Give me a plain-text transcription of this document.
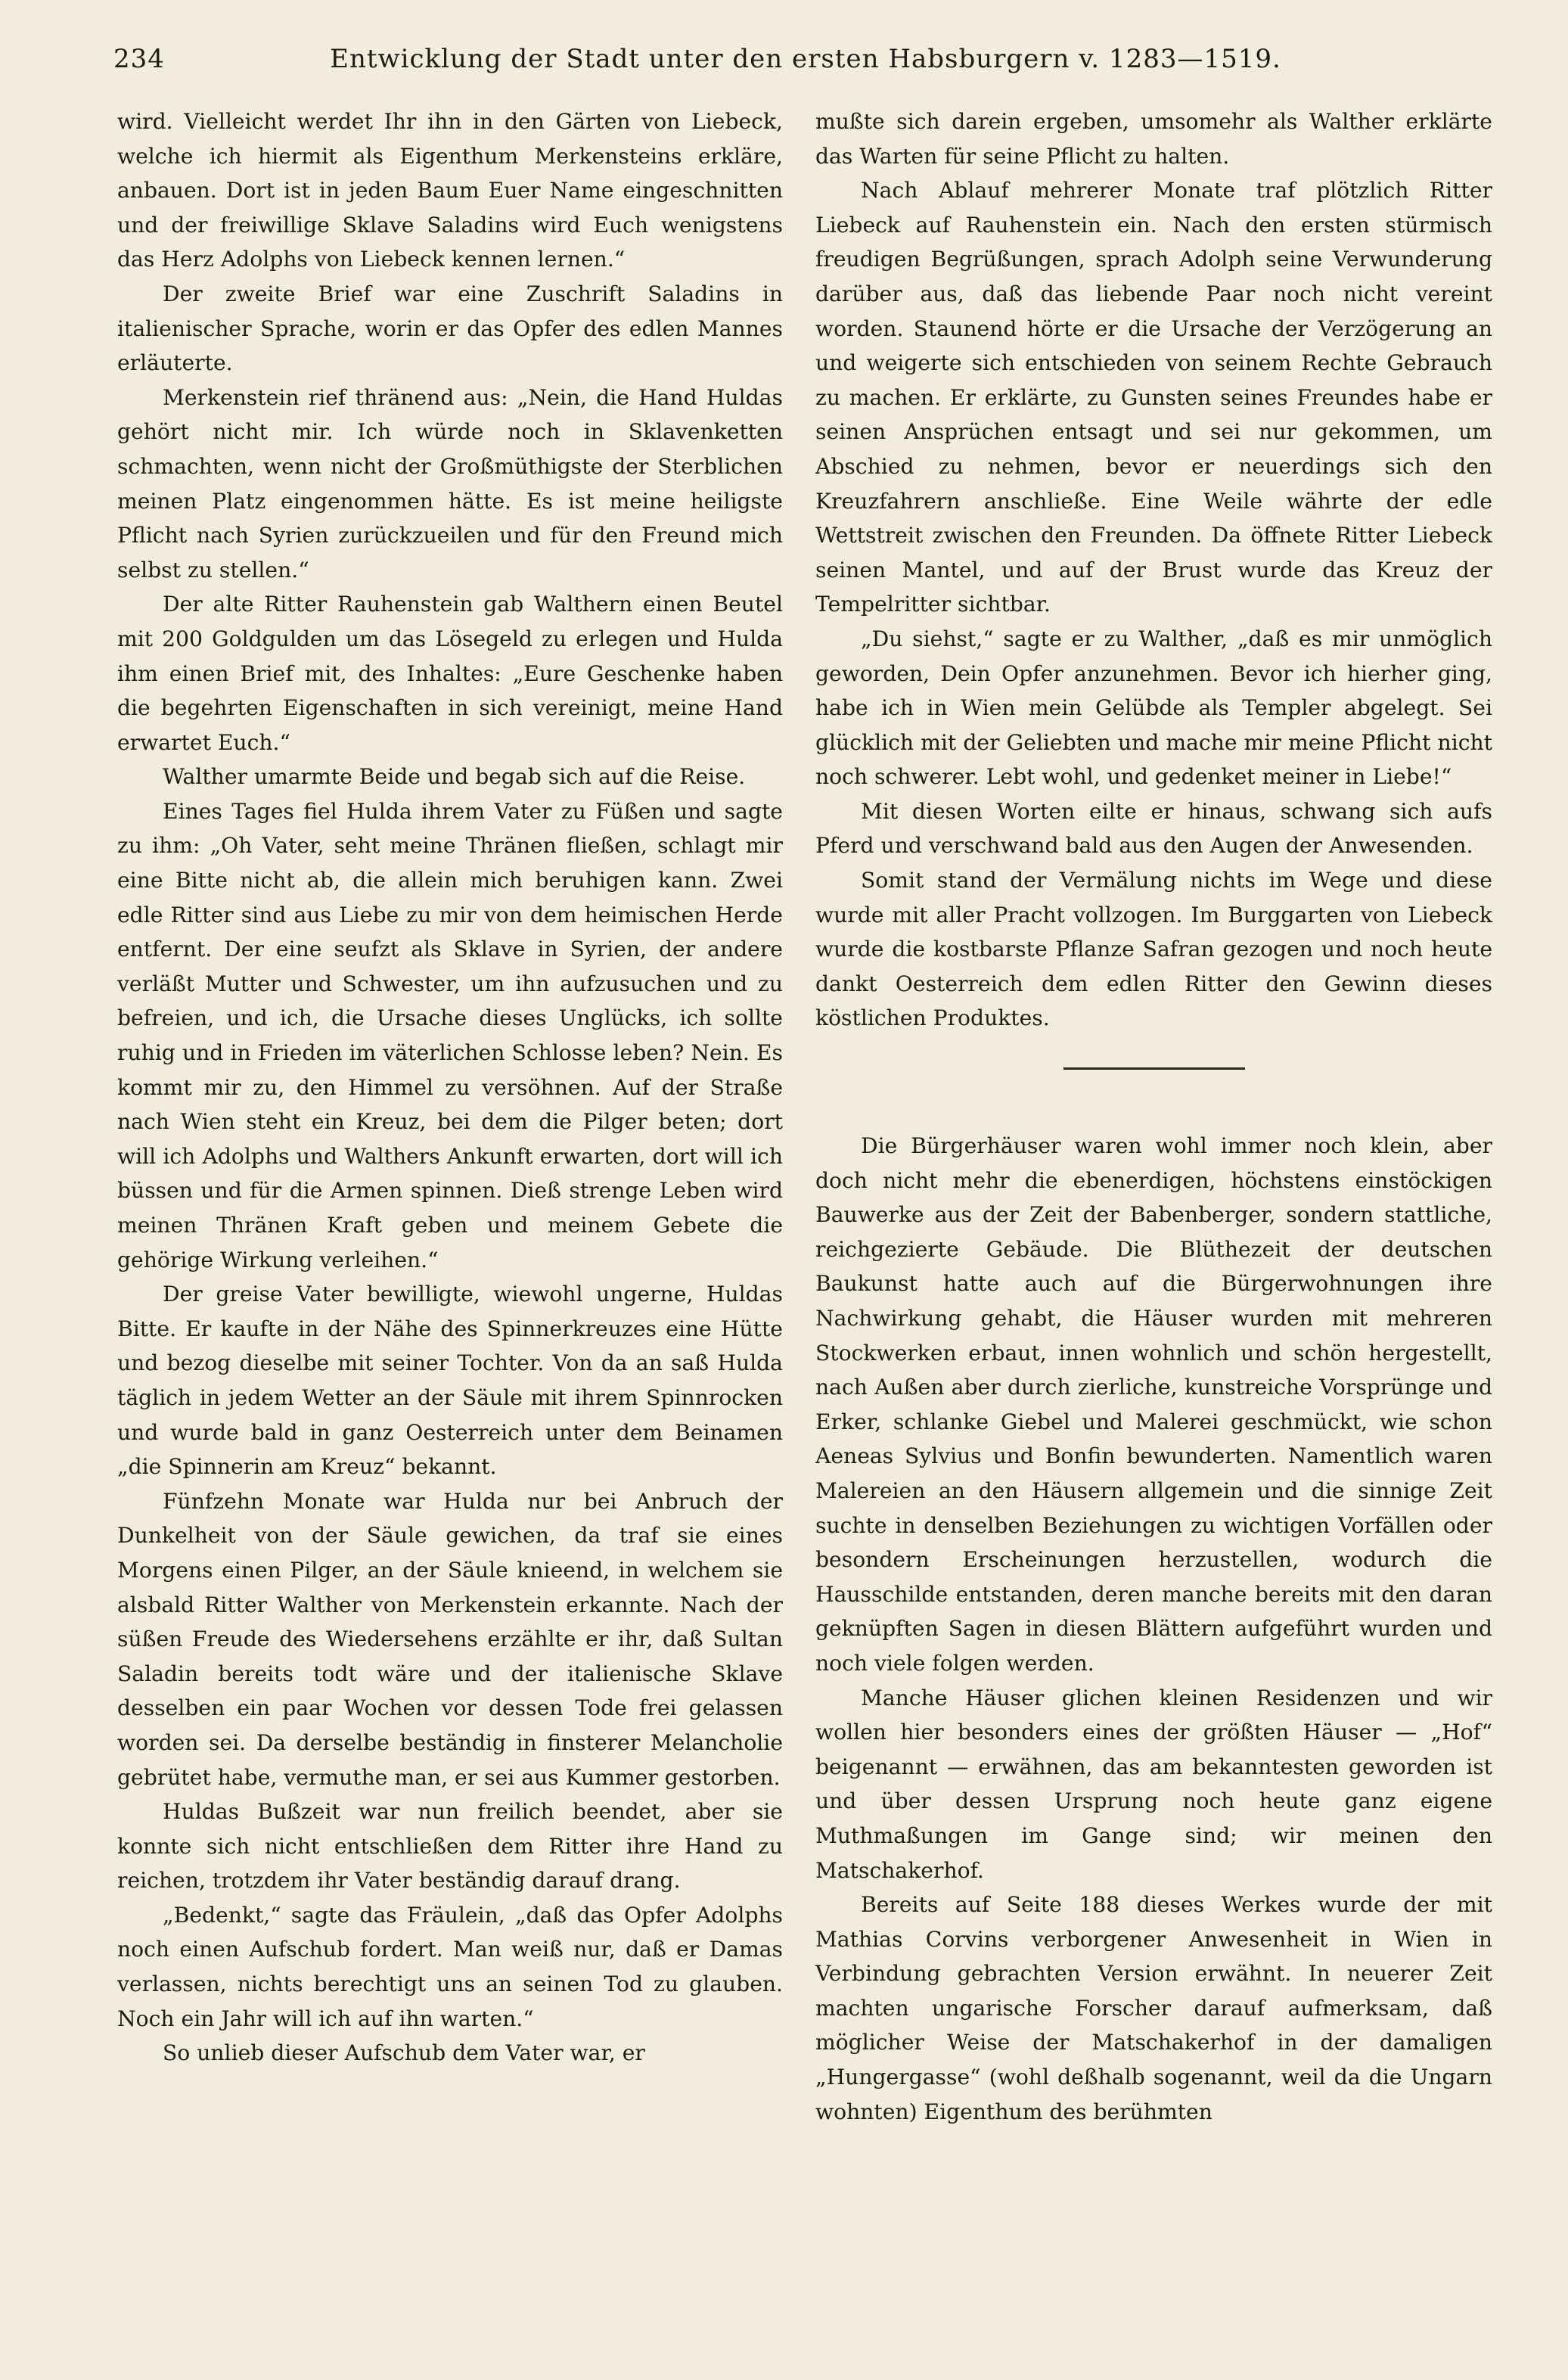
234	Entwicklung der Stadt unter den ersten Habsburgern v. 1283—1519.

wird. Vielleicht werdet Ihr ihn in den Gärten von Liebeck, welche ich hiermit als Eigenthum Merkensteins erkläre, anbauen. Dort ist in jeden Baum Euer Name eingeschnitten und der freiwillige Sklave Saladins wird Euch wenigstens das Herz Adolphs von Liebeck kennen lernen.“

Der zweite Brief war eine Zuschrift Saladins in italienischer Sprache, worin er das Opfer des edlen Mannes erläuterte.

Merkenstein rief thränend aus: „Nein, die Hand Huldas gehört nicht mir. Ich würde noch in Sklavenketten schmachten, wenn nicht der Großmüthigste der Sterblichen meinen Platz eingenommen hätte. Es ist meine heiligste Pflicht nach Syrien zurückzueilen und für den Freund mich selbst zu stellen.“

Der alte Ritter Rauhenstein gab Walthern einen Beutel mit 200 Goldgulden um das Lösegeld zu erlegen und Hulda ihm einen Brief mit, des Inhaltes: „Eure Geschenke haben die begehrten Eigenschaften in sich vereinigt, meine Hand erwartet Euch.“

Walther umarmte Beide und begab sich auf die Reise.

Eines Tages fiel Hulda ihrem Vater zu Füßen und sagte zu ihm: „Oh Vater, seht meine Thränen fließen, schlagt mir eine Bitte nicht ab, die allein mich beruhigen kann. Zwei edle Ritter sind aus Liebe zu mir von dem heimischen Herde entfernt. Der eine seufzt als Sklave in Syrien, der andere verläßt Mutter und Schwester, um ihn aufzusuchen und zu befreien, und ich, die Ursache dieses Unglücks, ich sollte ruhig und in Frieden im väterlichen Schlosse leben? Nein. Es kommt mir zu, den Himmel zu versöhnen. Auf der Straße nach Wien steht ein Kreuz, bei dem die Pilger beten; dort will ich Adolphs und Walthers Ankunft erwarten, dort will ich büssen und für die Armen spinnen. Dieß strenge Leben wird meinen Thränen Kraft geben und meinem Gebete die gehörige Wirkung verleihen.“

Der greise Vater bewilligte, wiewohl ungerne, Huldas Bitte. Er kaufte in der Nähe des Spinnerkreuzes eine Hütte und bezog dieselbe mit seiner Tochter. Von da an saß Hulda täglich in jedem Wetter an der Säule mit ihrem Spinnrocken und wurde bald in ganz Oesterreich unter dem Beinamen „die Spinnerin am Kreuz“ bekannt.

Fünfzehn Monate war Hulda nur bei Anbruch der Dunkelheit von der Säule gewichen, da traf sie eines Morgens einen Pilger, an der Säule knieend, in welchem sie alsbald Ritter Walther von Merkenstein erkannte. Nach der süßen Freude des Wiedersehens erzählte er ihr, daß Sultan Saladin bereits todt wäre und der italienische Sklave desselben ein paar Wochen vor dessen Tode frei gelassen worden sei. Da derselbe beständig in finsterer Melancholie gebrütet habe, vermuthe man, er sei aus Kummer gestorben.

Huldas Bußzeit war nun freilich beendet, aber sie konnte sich nicht entschließen dem Ritter ihre Hand zu reichen, trotzdem ihr Vater beständig darauf drang.

„Bedenkt,“ sagte das Fräulein, „daß das Opfer Adolphs noch einen Aufschub fordert. Man weiß nur, daß er Damas verlassen, nichts berechtigt uns an seinen Tod zu glauben. Noch ein Jahr will ich auf ihn warten.“

So unlieb dieser Aufschub dem Vater war, er

mußte sich darein ergeben, umsomehr als Walther erklärte das Warten für seine Pflicht zu halten.

Nach Ablauf mehrerer Monate traf plötzlich Ritter Liebeck auf Rauhenstein ein. Nach den ersten stürmisch freudigen Begrüßungen, sprach Adolph seine Verwunderung darüber aus, daß das liebende Paar noch nicht vereint worden. Staunend hörte er die Ursache der Verzögerung an und weigerte sich entschieden von seinem Rechte Gebrauch zu machen. Er erklärte, zu Gunsten seines Freundes habe er seinen Ansprüchen entsagt und sei nur gekommen, um Abschied zu nehmen, bevor er neuerdings sich den Kreuzfahrern anschließe. Eine Weile währte der edle Wettstreit zwischen den Freunden. Da öffnete Ritter Liebeck seinen Mantel, und auf der Brust wurde das Kreuz der Tempelritter sichtbar.

„Du siehst,“ sagte er zu Walther, „daß es mir unmöglich geworden, Dein Opfer anzunehmen. Bevor ich hierher ging, habe ich in Wien mein Gelübde als Templer abgelegt. Sei glücklich mit der Geliebten und mache mir meine Pflicht nicht noch schwerer. Lebt wohl, und gedenket meiner in Liebe!“

Mit diesen Worten eilte er hinaus, schwang sich aufs Pferd und verschwand bald aus den Augen der Anwesenden.

Somit stand der Vermälung nichts im Wege und diese wurde mit aller Pracht vollzogen. Im Burggarten von Liebeck wurde die kostbarste Pflanze Safran gezogen und noch heute dankt Oesterreich dem edlen Ritter den Gewinn dieses köstlichen Produktes.

Die Bürgerhäuser waren wohl immer noch klein, aber doch nicht mehr die ebenerdigen, höchstens einstöckigen Bauwerke aus der Zeit der Babenberger, sondern stattliche, reichgezierte Gebäude. Die Blüthezeit der deutschen Baukunst hatte auch auf die Bürgerwohnungen ihre Nachwirkung gehabt, die Häuser wurden mit mehreren Stockwerken erbaut, innen wohnlich und schön hergestellt, nach Außen aber durch zierliche, kunstreiche Vorsprünge und Erker, schlanke Giebel und Malerei geschmückt, wie schon Aeneas Sylvius und Bonfin bewunderten. Namentlich waren Malereien an den Häusern allgemein und die sinnige Zeit suchte in denselben Beziehungen zu wichtigen Vorfällen oder besondern Erscheinungen herzustellen, wodurch die Hausschilde entstanden, deren manche bereits mit den daran geknüpften Sagen in diesen Blättern aufgeführt wurden und noch viele folgen werden.

Manche Häuser glichen kleinen Residenzen und wir wollen hier besonders eines der größten Häuser — „Hof“ beigenannt — erwähnen, das am bekanntesten geworden ist und über dessen Ursprung noch heute ganz eigene Muthmaßungen im Gange sind; wir meinen den Matschakerhof.

Bereits auf Seite 188 dieses Werkes wurde der mit Mathias Corvins verborgener Anwesenheit in Wien in Verbindung gebrachten Version erwähnt. In neuerer Zeit machten ungarische Forscher darauf aufmerksam, daß möglicher Weise der Matschakerhof in der damaligen „Hungergasse“ (wohl deßhalb sogenannt, weil da die Ungarn wohnten) Eigenthum des berühmten
